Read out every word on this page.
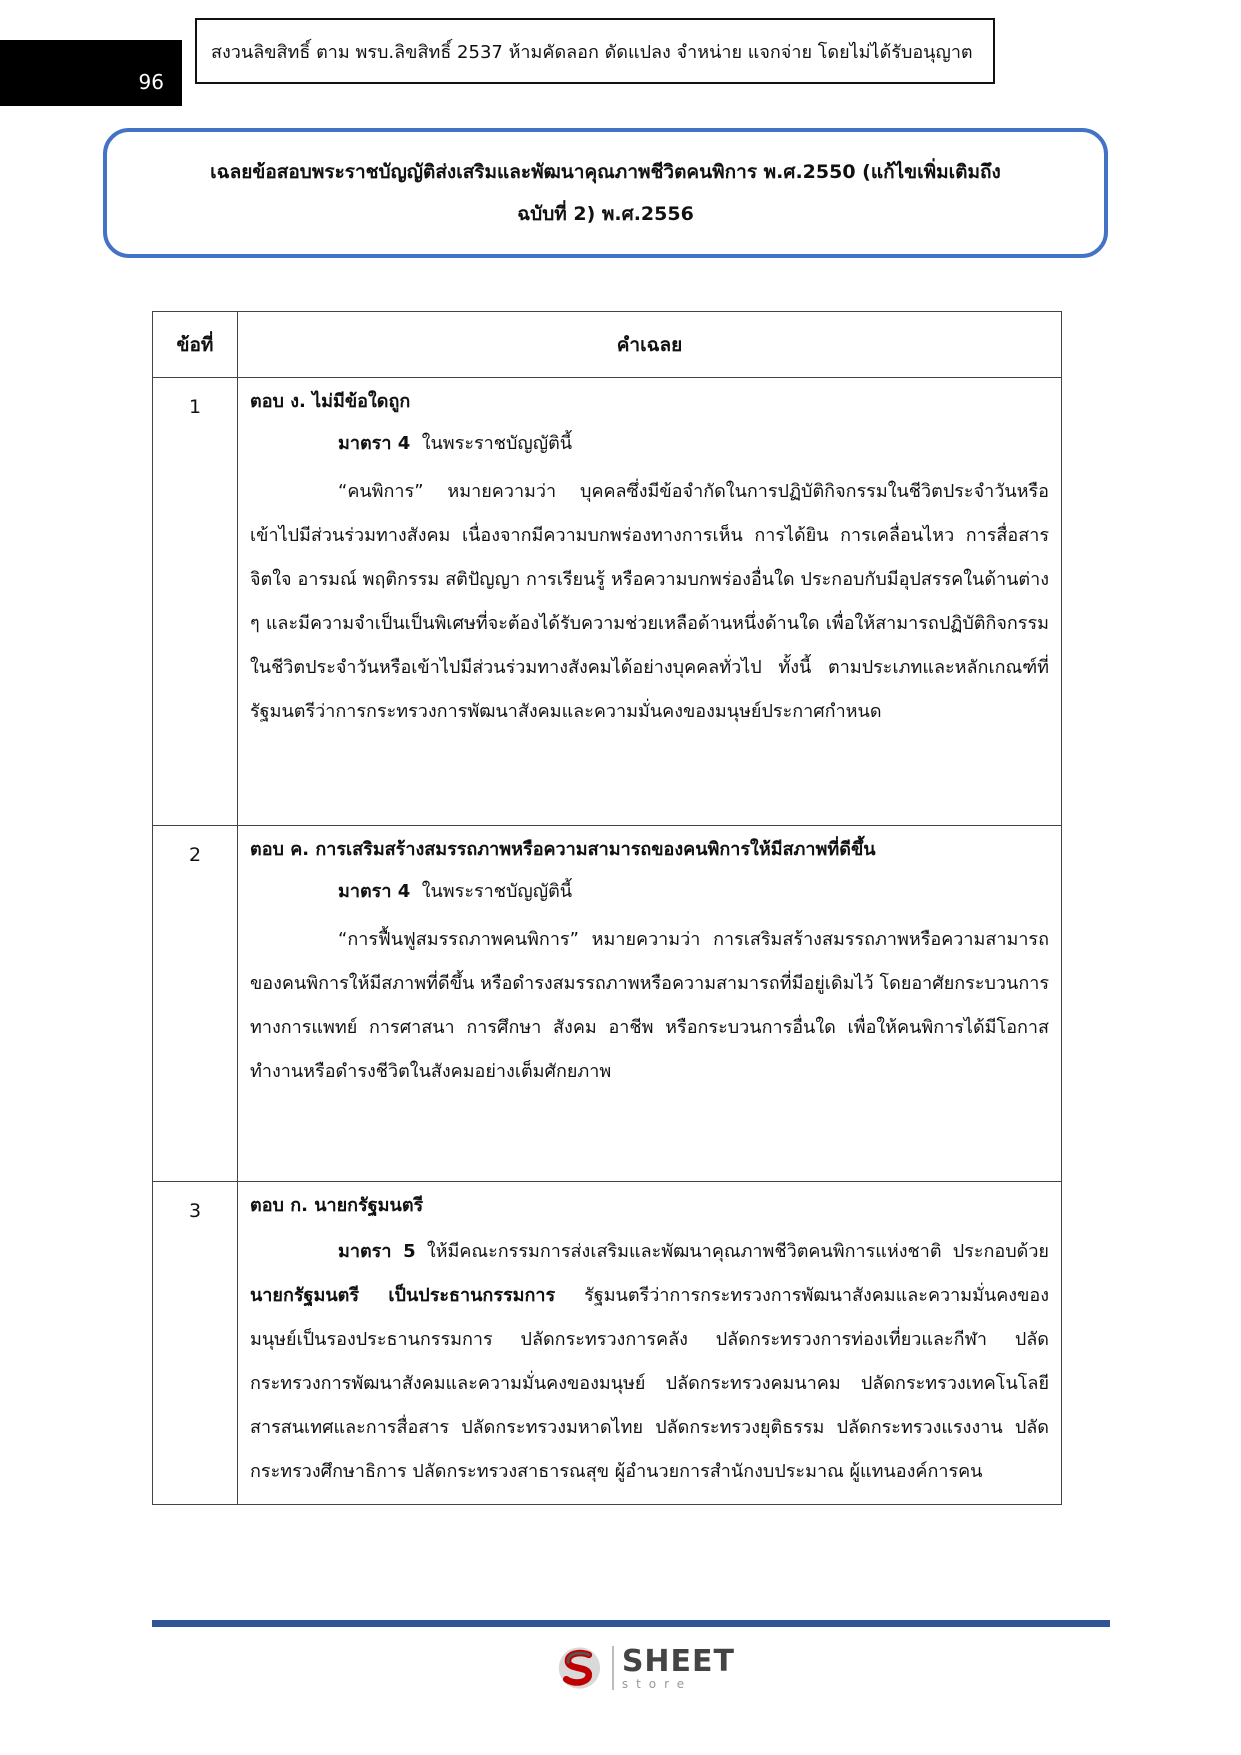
96
สงวนลิขสิทธิ์ ตาม พรบ.ลิขสิทธิ์ 2537 ห้ามคัดลอก ดัดแปลง จำหน่าย แจกจ่าย โดยไม่ได้รับอนุญาต
เฉลยข้อสอบพระราชบัญญัติส่งเสริมและพัฒนาคุณภาพชีวิตคนพิการ พ.ศ.2550 (แก้ไขเพิ่มเติมถึง
ฉบับที่ 2) พ.ศ.2556
ข้อที่	คำเฉลย
1	ตอบ ง. ไม่มีข้อใดถูก
มาตรา 4 ในพระราชบัญญัตินี้
“คนพิการ” หมายความว่า บุคคลซึ่งมีข้อจำกัดในการปฏิบัติกิจกรรมในชีวิตประจำวันหรือเข้าไปมีส่วนร่วมทางสังคม เนื่องจากมีความบกพร่องทางการเห็น การได้ยิน การเคลื่อนไหว การสื่อสาร จิตใจ อารมณ์ พฤติกรรม สติปัญญา การเรียนรู้ หรือความบกพร่องอื่นใด ประกอบกับมีอุปสรรคในด้านต่าง ๆ และมีความจำเป็นเป็นพิเศษที่จะต้องได้รับความช่วยเหลือด้านหนึ่งด้านใด เพื่อให้สามารถปฏิบัติกิจกรรมในชีวิตประจำวันหรือเข้าไปมีส่วนร่วมทางสังคมได้อย่างบุคคลทั่วไป ทั้งนี้ ตามประเภทและหลักเกณฑ์ที่รัฐมนตรีว่าการกระทรวงการพัฒนาสังคมและความมั่นคงของมนุษย์ประกาศกำหนด

2	ตอบ ค. การเสริมสร้างสมรรถภาพหรือความสามารถของคนพิการให้มีสภาพที่ดีขึ้น
มาตรา 4 ในพระราชบัญญัตินี้
“การฟื้นฟูสมรรถภาพคนพิการ” หมายความว่า การเสริมสร้างสมรรถภาพหรือความสามารถของคนพิการให้มีสภาพที่ดีขึ้น หรือดำรงสมรรถภาพหรือความสามารถที่มีอยู่เดิมไว้ โดยอาศัยกระบวนการทางการแพทย์ การศาสนา การศึกษา สังคม อาชีพ หรือกระบวนการอื่นใด เพื่อให้คนพิการได้มีโอกาสทำงานหรือดำรงชีวิตในสังคมอย่างเต็มศักยภาพ

3	ตอบ ก. นายกรัฐมนตรี
มาตรา 5 ให้มีคณะกรรมการส่งเสริมและพัฒนาคุณภาพชีวิตคนพิการแห่งชาติ ประกอบด้วย นายกรัฐมนตรี เป็นประธานกรรมการ รัฐมนตรีว่าการกระทรวงการพัฒนาสังคมและความมั่นคงของมนุษย์เป็นรองประธานกรรมการ ปลัดกระทรวงการคลัง ปลัดกระทรวงการท่องเที่ยวและกีฬา ปลัดกระทรวงการพัฒนาสังคมและความมั่นคงของมนุษย์ ปลัดกระทรวงคมนาคม ปลัดกระทรวงเทคโนโลยีสารสนเทศและการสื่อสาร ปลัดกระทรวงมหาดไทย ปลัดกระทรวงยุติธรรม ปลัดกระทรวงแรงงาน ปลัดกระทรวงศึกษาธิการ ปลัดกระทรวงสาธารณสุข ผู้อำนวยการสำนักงบประมาณ ผู้แทนองค์การคน
SHEET
store
